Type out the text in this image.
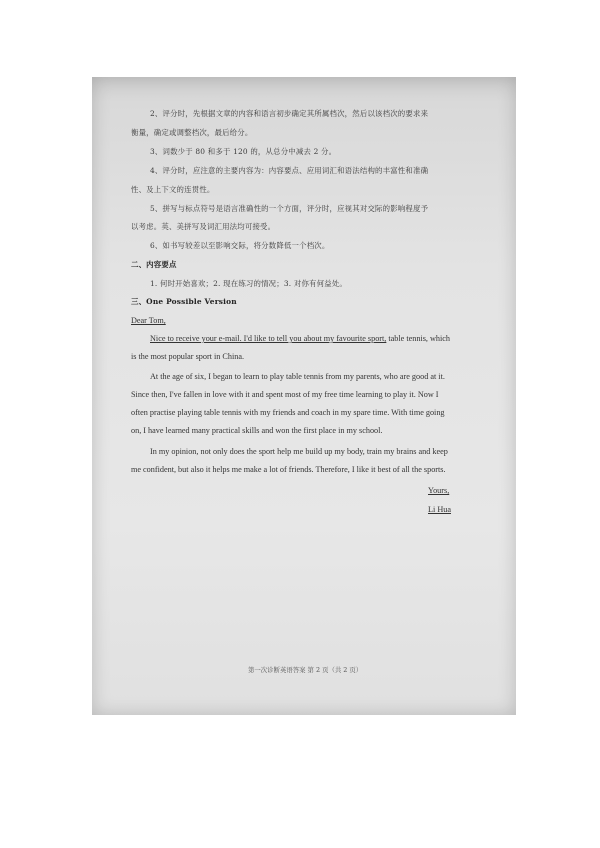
2、评分时，先根据文章的内容和语言初步确定其所属档次，然后以该档次的要求来
衡量，确定或调整档次，最后给分。
3、词数少于 80 和多于 120 的，从总分中减去 2 分。
4、评分时，应注意的主要内容为：内容要点、应用词汇和语法结构的丰富性和准确
性、及上下文的连贯性。
5、拼写与标点符号是语言准确性的一个方面，评分时，应视其对交际的影响程度予
以考虑。英、美拼写及词汇用法均可接受。
6、如书写较差以至影响交际，将分数降低一个档次。
二、内容要点
1. 何时开始喜欢；2. 现在练习的情况；3. 对你有何益处。
三、One Possible Version
Dear Tom,
Nice to receive your e-mail. I'd like to tell you about my favourite sport, table tennis, which
is the most popular sport in China.
At the age of six, I began to learn to play table tennis from my parents, who are good at it.
Since then, I've fallen in love with it and spent most of my free time learning to play it. Now I
often practise playing table tennis with my friends and coach in my spare time. With time going
on, I have learned many practical skills and won the first place in my school.
In my opinion, not only does the sport help me build up my body, train my brains and keep
me confident, but also it helps me make a lot of friends. Therefore, I like it best of all the sports.
Yours,
Li Hua
第一次诊断英语答案 第 2 页（共 2 页）
